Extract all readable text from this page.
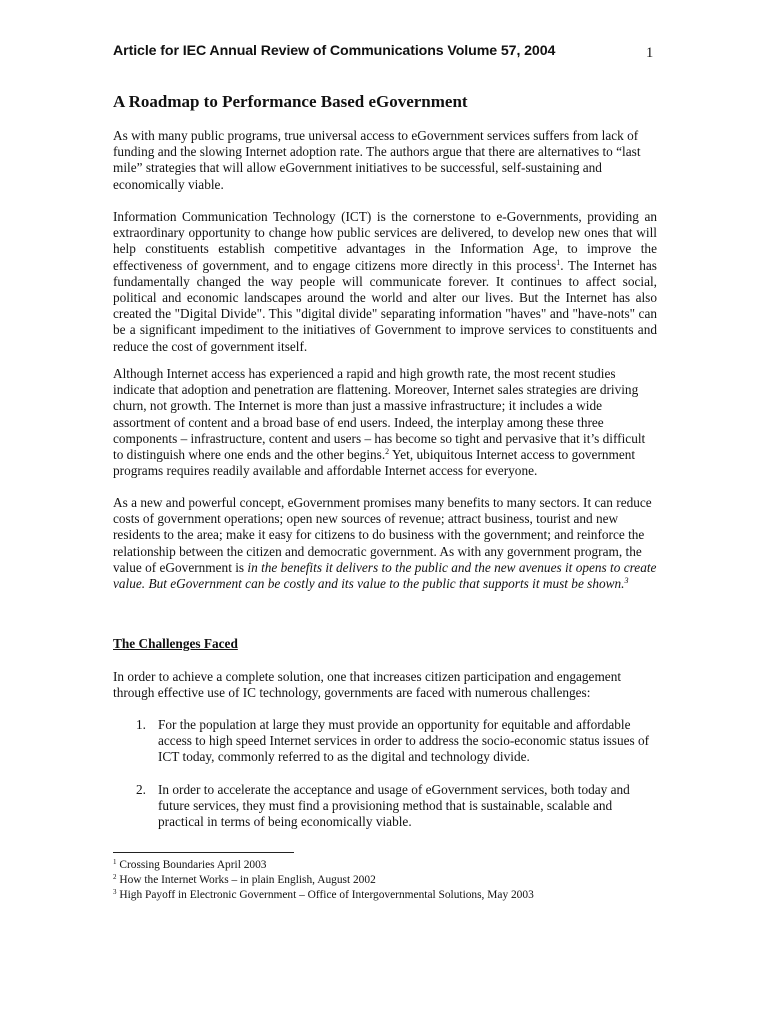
Article for IEC Annual Review of Communications Volume 57, 2004	1
A Roadmap to Performance Based eGovernment

As with many public programs, true universal access to eGovernment services suffers from lack of funding and the slowing Internet adoption rate. The authors argue that there are alternatives to “last mile” strategies that will allow eGovernment initiatives to be successful, self-sustaining and economically viable.

Information Communication Technology (ICT) is the cornerstone to e-Governments, providing an extraordinary opportunity to change how public services are delivered, to develop new ones that will help constituents establish competitive advantages in the Information Age, to improve the effectiveness of government, and to engage citizens more directly in this process$^1$. The Internet has fundamentally changed the way people will communicate forever. It continues to affect social, political and economic landscapes around the world and alter our lives. But the Internet has also created the "Digital Divide". This "digital divide" separating information "haves" and "have-nots" can be a significant impediment to the initiatives of Government to improve services to constituents and reduce the cost of government itself.

Although Internet access has experienced a rapid and high growth rate, the most recent studies indicate that adoption and penetration are flattening. Moreover, Internet sales strategies are driving churn, not growth. The Internet is more than just a massive infrastructure; it includes a wide assortment of content and a broad base of end users. Indeed, the interplay among these three components – infrastructure, content and users – has become so tight and pervasive that it’s difficult to distinguish where one ends and the other begins.$^2$ Yet, ubiquitous Internet access to government programs requires readily available and affordable Internet access for everyone.

As a new and powerful concept, eGovernment promises many benefits to many sectors. It can reduce costs of government operations; open new sources of revenue; attract business, tourist and new residents to the area; make it easy for citizens to do business with the government; and reinforce the relationship between the citizen and democratic government. As with any government program, the value of eGovernment is in the benefits it delivers to the public and the new avenues it opens to create value. But eGovernment can be costly and its value to the public that supports it must be shown.$^3$

The Challenges Faced

In order to achieve a complete solution, one that increases citizen participation and engagement through effective use of IC technology, governments are faced with numerous challenges:

1. For the population at large they must provide an opportunity for equitable and affordable access to high speed Internet services in order to address the socio-economic status issues of ICT today, commonly referred to as the digital and technology divide.
2. In order to accelerate the acceptance and usage of eGovernment services, both today and future services, they must find a provisioning method that is sustainable, scalable and practical in terms of being economically viable.
$^1$ Crossing Boundaries April 2003
$^2$ How the Internet Works – in plain English, August 2002
$^3$ High Payoff in Electronic Government – Office of Intergovernmental Solutions, May 2003
